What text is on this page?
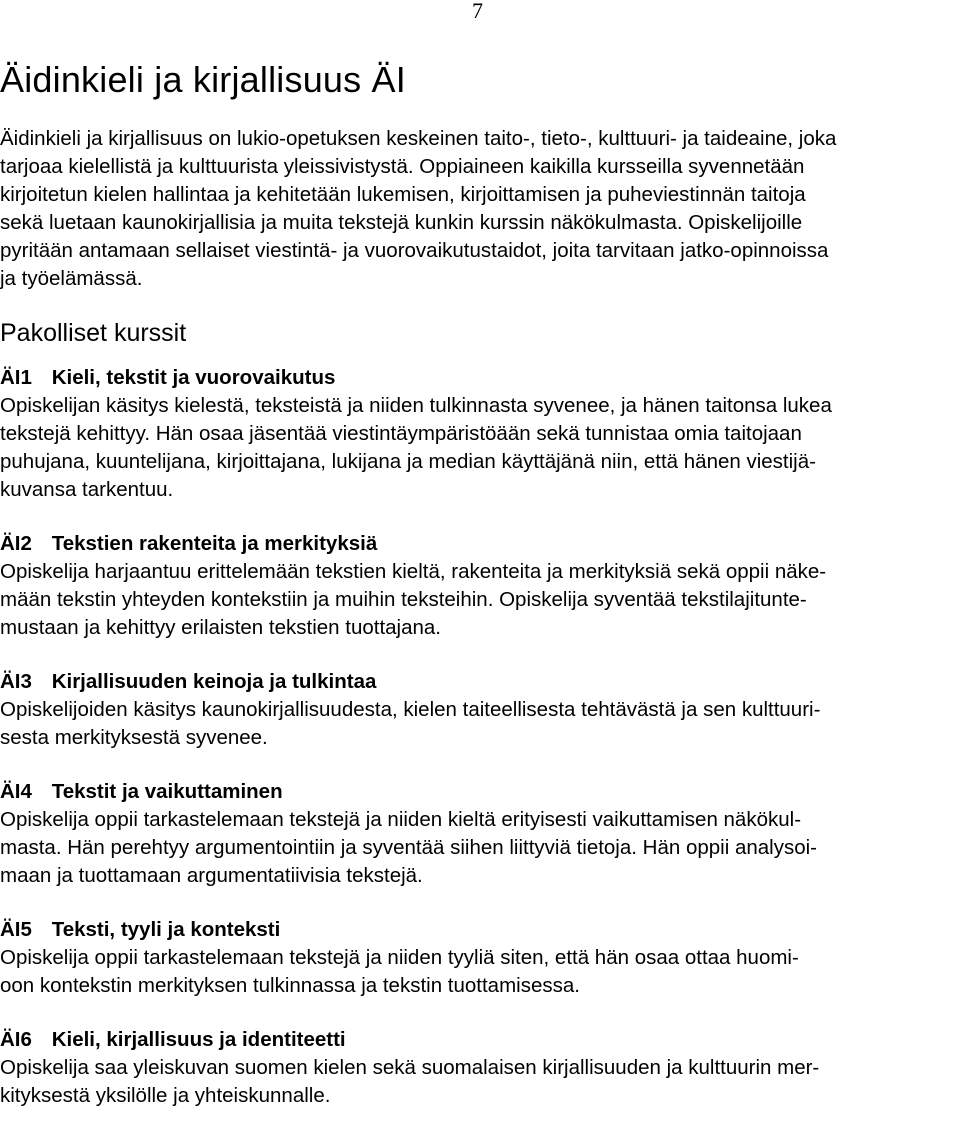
7
Äidinkieli ja kirjallisuus ÄI

Äidinkieli ja kirjallisuus on lukio-opetuksen keskeinen taito-, tieto-, kulttuuri- ja taideaine, joka

tarjoaa kielellistä ja kulttuurista yleissivistystä. Oppiaineen kaikilla kursseilla syvennetään

kirjoitetun kielen hallintaa ja kehitetään lukemisen, kirjoittamisen ja puheviestinnän taitoja

sekä luetaan kaunokirjallisia ja muita tekstejä kunkin kurssin näkökulmasta. Opiskelijoille

pyritään antamaan sellaiset viestintä- ja vuorovaikutustaidot, joita tarvitaan jatko-opinnoissa

ja työelämässä.

Pakolliset kurssit
ÄI1 Kieli, tekstit ja vuorovaikutus

Opiskelijan käsitys kielestä, teksteistä ja niiden tulkinnasta syvenee, ja hänen taitonsa lukea

tekstejä kehittyy. Hän osaa jäsentää viestintäympäristöään sekä tunnistaa omia taitojaan

puhujana, kuuntelijana, kirjoittajana, lukijana ja median käyttäjänä niin, että hänen viestijä-

kuvansa tarkentuu.

ÄI2 Tekstien rakenteita ja merkityksiä

Opiskelija harjaantuu erittelemään tekstien kieltä, rakenteita ja merkityksiä sekä oppii näke-

mään tekstin yhteyden kontekstiin ja muihin teksteihin. Opiskelija syventää tekstilajitunte-

mustaan ja kehittyy erilaisten tekstien tuottajana.

ÄI3 Kirjallisuuden keinoja ja tulkintaa

Opiskelijoiden käsitys kaunokirjallisuudesta, kielen taiteellisesta tehtävästä ja sen kulttuuri-

sesta merkityksestä syvenee.

ÄI4 Tekstit ja vaikuttaminen

Opiskelija oppii tarkastelemaan tekstejä ja niiden kieltä erityisesti vaikuttamisen näkökul-

masta. Hän perehtyy argumentointiin ja syventää siihen liittyviä tietoja. Hän oppii analysoi-

maan ja tuottamaan argumentatiivisia tekstejä.

ÄI5 Teksti, tyyli ja konteksti

Opiskelija oppii tarkastelemaan tekstejä ja niiden tyyliä siten, että hän osaa ottaa huomi-

oon kontekstin merkityksen tulkinnassa ja tekstin tuottamisessa.

ÄI6 Kieli, kirjallisuus ja identiteetti

Opiskelija saa yleiskuvan suomen kielen sekä suomalaisen kirjallisuuden ja kulttuurin mer-

kityksestä yksilölle ja yhteiskunnalle.
